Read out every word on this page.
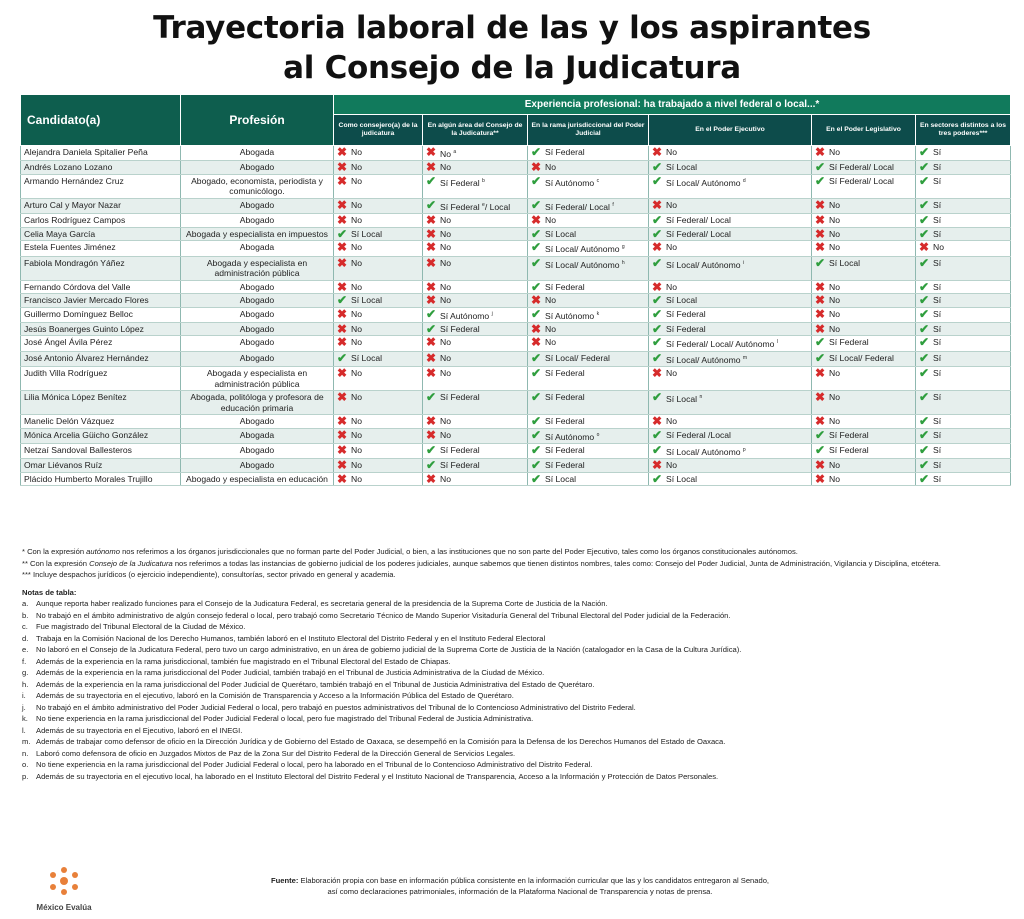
Trayectoria laboral de las y los aspirantes
al Consejo de la Judicatura
Candidato(a)	Profesión	Experiencia profesional: ha trabajado a nivel federal o local...*					
		Como consejero(a) de la judicatura	En algún área del Consejo de la Judicatura**	En la rama jurisdiccional del Poder Judicial	En el Poder Ejecutivo	En el Poder Legislativo	En sectores distintos a los tres poderes***
Alejandra Daniela Spitalier Peña	Abogada	✖ No	✖ No $^a$	✔ Sí Federal	✖ No	✖ No	✔ Sí
Andrés Lozano Lozano	Abogado	✖ No	✖ No	✖ No	✔ Sí Local	✔ Sí Federal/ Local	✔ Sí
Armando Hernández Cruz	Abogado, economista, periodista y comunicólogo.	✖ No	✔ Sí Federal $^b$	✔ Sí Autónomo $^c$	✔ Sí Local/ Autónomo $^d$	✔ Sí Federal/ Local	✔ Sí
Arturo Cal y Mayor Nazar	Abogado	✖ No	✔ Sí Federal $^e$/ Local	✔ Sí Federal/ Local $^f$	✖ No	✖ No	✔ Sí
Carlos Rodríguez Campos	Abogado	✖ No	✖ No	✖ No	✔ Sí Federal/ Local	✖ No	✔ Sí
Celia Maya García	Abogada y especialista en impuestos	✔ Sí Local	✖ No	✔ Sí Local	✔ Sí Federal/ Local	✖ No	✔ Sí
Estela Fuentes Jiménez	Abogada	✖ No	✖ No	✔ Sí Local/ Autónomo $^g$	✖ No	✖ No	✖ No
Fabiola Mondragón Yáñez	Abogada y especialista en administración pública	✖ No	✖ No	✔ Sí Local/ Autónomo $^h$	✔ Sí Local/ Autónomo $^i$	✔ Sí Local	✔ Sí
Fernando Córdova del Valle	Abogado	✖ No	✖ No	✔ Sí Federal	✖ No	✖ No	✔ Sí
Francisco Javier Mercado Flores	Abogado	✔ Sí Local	✖ No	✖ No	✔ Sí Local	✖ No	✔ Sí
Guillermo Domínguez Belloc	Abogado	✖ No	✔ Sí Autónomo $^j$	✔ Sí Autónomo $^k$	✔ Sí Federal	✖ No	✔ Sí
Jesús Boanerges Guinto López	Abogado	✖ No	✔ Sí Federal	✖ No	✔ Sí Federal	✖ No	✔ Sí
José Ángel Ávila Pérez	Abogado	✖ No	✖ No	✖ No	✔ Sí Federal/ Local/ Autónomo $^l$	✔ Sí Federal	✔ Sí
José Antonio Álvarez Hernández	Abogado	✔ Sí Local	✖ No	✔ Sí Local/ Federal	✔ Sí Local/ Autónomo $^m$	✔ Sí Local/ Federal	✔ Sí
Judith Villa Rodríguez	Abogada y especialista en administración pública	✖ No	✖ No	✔ Sí Federal	✖ No	✖ No	✔ Sí
Lilia Mónica López Benítez	Abogada, politóloga y profesora de educación primaria	✖ No	✔ Sí Federal	✔ Sí Federal	✔ Sí Local $^n$	✖ No	✔ Sí
Manelic Delón Vázquez	Abogado	✖ No	✖ No	✔ Sí Federal	✖ No	✖ No	✔ Sí
Mónica Arcelia Güicho González	Abogada	✖ No	✖ No	✔ Sí Autónomo $^o$	✔ Sí Federal /Local	✔ Sí Federal	✔ Sí
Netzaí Sandoval Ballesteros	Abogado	✖ No	✔ Sí Federal	✔ Sí Federal	✔ Sí Local/ Autónomo $^p$	✔ Sí Federal	✔ Sí
Omar Liévanos Ruíz	Abogado	✖ No	✔ Sí Federal	✔ Sí Federal	✖ No	✖ No	✔ Sí
Plácido Humberto Morales Trujillo	Abogado y especialista en educación	✖ No	✖ No	✔ Sí Local	✔ Sí Local	✖ No	✔ Sí

* Con la expresión autónomo nos referimos a los órganos jurisdiccionales que no forman parte del Poder Judicial, o bien, a las instituciones que no son parte del Poder Ejecutivo, tales como los órganos constitucionales autónomos.

** Con la expresión Consejo de la Judicatura nos referimos a todas las instancias de gobierno judicial de los poderes judiciales, aunque sabemos que tienen distintos nombres, tales como: Consejo del Poder Judicial, Junta de Administración, Vigilancia y Disciplina, etcétera.

*** Incluye despachos jurídicos (o ejercicio independiente), consultorías, sector privado en general y academia.

Notas de tabla:

a.	Aunque reporta haber realizado funciones para el Consejo de la Judicatura Federal, es secretaria general de la presidencia de la Suprema Corte de Justicia de la Nación.
b.	No trabajó en el ámbito administrativo de algún consejo federal o local, pero trabajó como Secretario Técnico de Mando Superior Visitaduría General del Tribunal Electoral del Poder judicial de la Federación.
c.	Fue magistrado del Tribunal Electoral de la Ciudad de México.
d.	Trabaja en la Comisión Nacional de los Derecho Humanos, también laboró en el Instituto Electoral del Distrito Federal y en el Instituto Federal Electoral
e.	No laboró en el Consejo de la Judicatura Federal, pero tuvo un cargo administrativo, en un área de gobierno judicial de la Suprema Corte de Justicia de la Nación (catalogador en la Casa de la Cultura Jurídica).
f.	Además de la experiencia en la rama jurisdiccional, también fue magistrado en el Tribunal Electoral del Estado de Chiapas.
g.	Además de la experiencia en la rama jurisdiccional del Poder Judicial, también trabajó en el Tribunal de Justicia Administrativa de la Ciudad de México.
h.	Además de la experiencia en la rama jurisdiccional del Poder Judicial de Querétaro, también trabajó en el Tribunal de Justicia Administrativa del Estado de Querétaro.
i.	Además de su trayectoria en el ejecutivo, laboró en la Comisión de Transparencia y Acceso a la Información Pública del Estado de Querétaro.
j.	No trabajó en el ámbito administrativo del Poder Judicial Federal o local, pero trabajó en puestos administrativos del Tribunal de lo Contencioso Administrativo del Distrito Federal.
k.	No tiene experiencia en la rama jurisdiccional del Poder Judicial Federal o local, pero fue magistrado del Tribunal Federal de Justicia Administrativa.
l.	Además de su trayectoria en el Ejecutivo, laboró en el INEGI.
m. Además de trabajar como defensor de oficio en la Dirección Jurídica y de Gobierno del Estado de Oaxaca, se desempeñó en la Comisión para la Defensa de los Derechos Humanos del Estado de Oaxaca.
n.	Laboró como defensora de oficio en Juzgados Mixtos de Paz de la Zona Sur del Distrito Federal de la Dirección General de Servicios Legales.
o.	No tiene experiencia en la rama jurisdiccional del Poder Judicial Federal o local, pero ha laborado en el Tribunal de lo Contencioso Administrativo del Distrito Federal.
p.	Además de su trayectoria en el ejecutivo local, ha laborado en el Instituto Electoral del Distrito Federal y el Instituto Nacional de Transparencia, Acceso a la Información y Protección de Datos Personales.
México Evalúa
Fuente: Elaboración propia con base en información pública consistente en la información curricular que las y los candidatos entregaron al Senado,
así como declaraciones patrimoniales, información de la Plataforma Nacional de Transparencia y notas de prensa.
